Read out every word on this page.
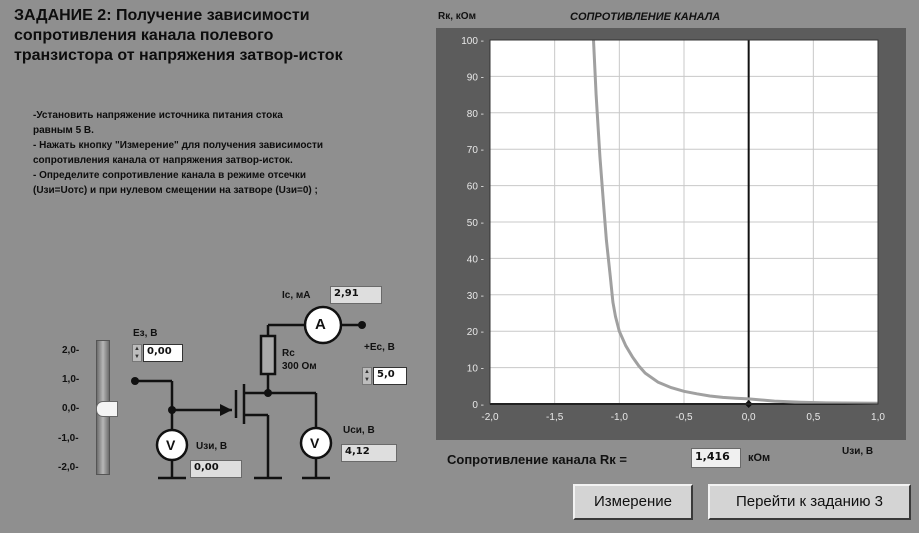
ЗАДАНИЕ 2: Получение зависимости
сопротивления канала полевого
транзистора от напряжения затвор-исток
-Установить напряжение источника питания стока
равным 5 В.
- Нажать кнопку "Измерение" для получения зависимости
сопротивления канала от напряжения затвор-исток.
- Определите сопротивление канала в режиме отсечки
(Uзи=Uотс) и при нулевом смещении на затворе (Uзи=0) ;
A
V	V
2,0-
1,0-
0,0-
-1,0-
-2,0-
Eз, В
▲
▼ 0,00
Iс, мА	2,91
Rc
300 Ом
+Ес, В
▲
▼ 5,0
Uзи, В
0,00
Uси, В
4,12
СОПРОТИВЛЕНИЕ КАНАЛА
Rк, кОм
Uзи, В
-2,0	-1,5	-1,0	-0,5	0,0	0,5	1,0
0 -
10 -
20 -
30 -
40 -
50 -
60 -
70 -
80 -
90 -
100 -
Сопротивление канала Rк =	1,416	кОм
Измерение	Перейти к заданию 3
